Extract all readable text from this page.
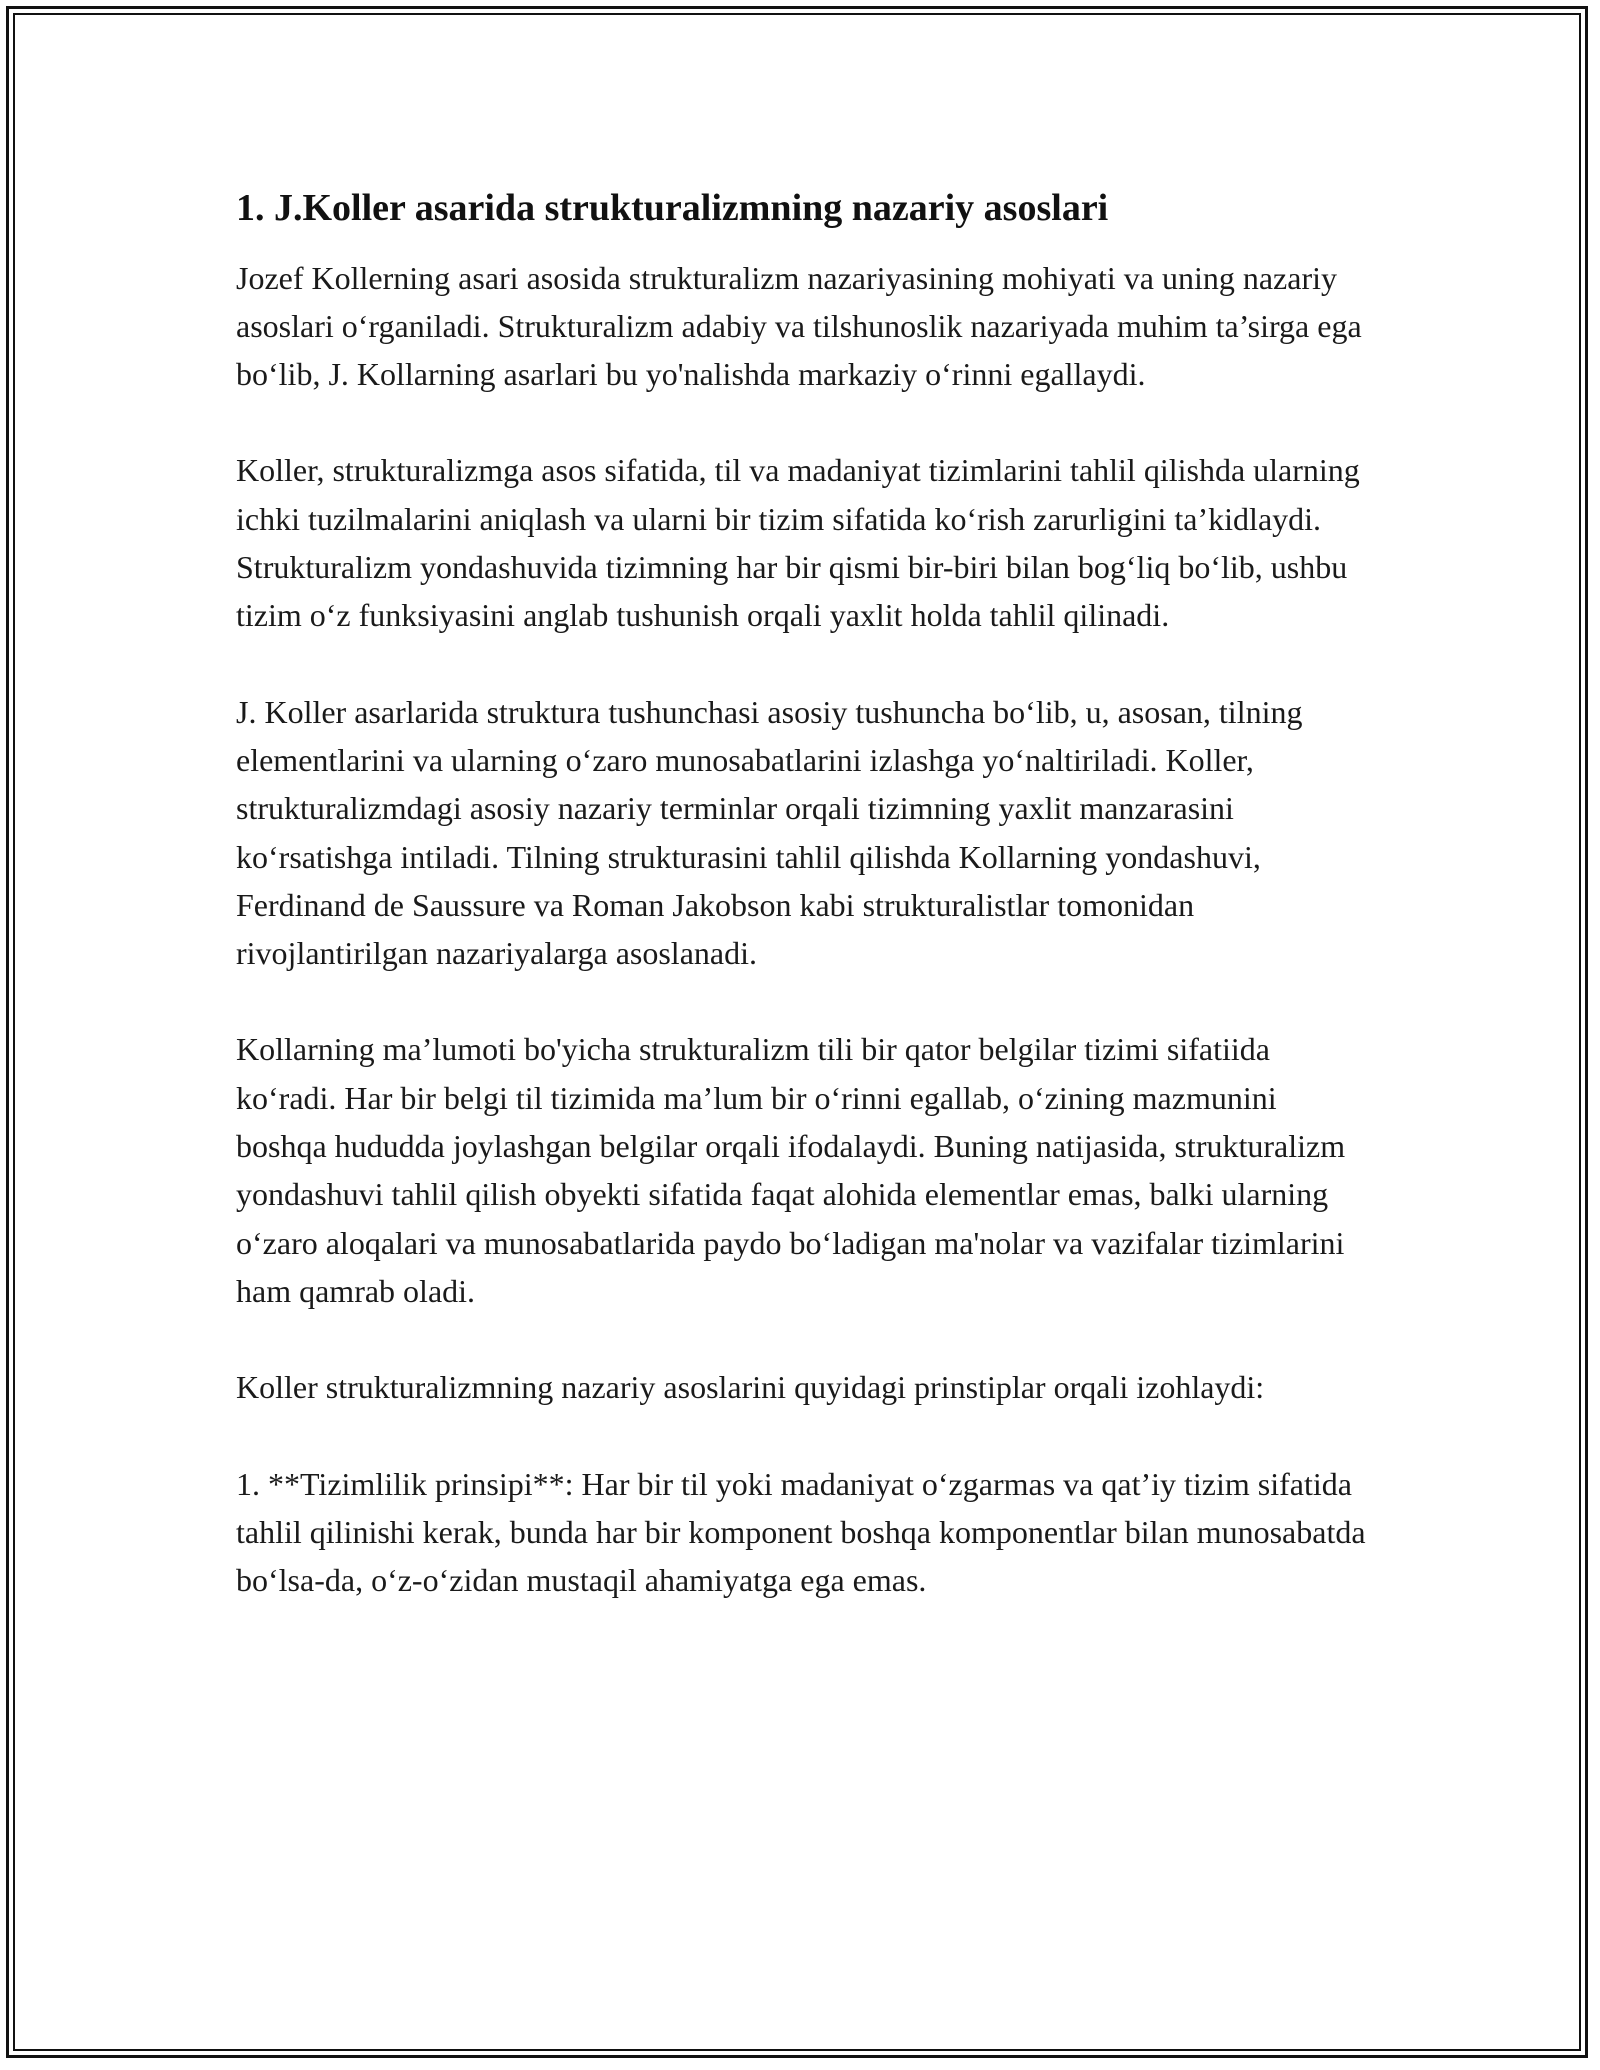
1. J.Koller asarida strukturalizmning nazariy asoslari

Jozef Kollerning asari asosida strukturalizm nazariyasining mohiyati va uning nazariy asoslari o‘rganiladi. Strukturalizm adabiy va tilshunoslik nazariyada muhim ta’sirga ega bo‘lib, J. Kollarning asarlari bu yo'nalishda markaziy o‘rinni egallaydi.

Koller, strukturalizmga asos sifatida, til va madaniyat tizimlarini tahlil qilishda ularning ichki tuzilmalarini aniqlash va ularni bir tizim sifatida ko‘rish zarurligini ta’kidlaydi. Strukturalizm yondashuvida tizimning har bir qismi bir-biri bilan bog‘liq bo‘lib, ushbu tizim o‘z funksiyasini anglab tushunish orqali yaxlit holda tahlil qilinadi.

J. Koller asarlarida struktura tushunchasi asosiy tushuncha bo‘lib, u, asosan, tilning elementlarini va ularning o‘zaro munosabatlarini izlashga yo‘naltiriladi. Koller, strukturalizmdagi asosiy nazariy terminlar orqali tizimning yaxlit manzarasini ko‘rsatishga intiladi. Tilning strukturasini tahlil qilishda Kollarning yondashuvi, Ferdinand de Saussure va Roman Jakobson kabi strukturalistlar tomonidan rivojlantirilgan nazariyalarga asoslanadi.

Kollarning ma’lumoti bo'yicha strukturalizm tili bir qator belgilar tizimi sifatiida ko‘radi. Har bir belgi til tizimida ma’lum bir o‘rinni egallab, o‘zining mazmunini boshqa hududda joylashgan belgilar orqali ifodalaydi. Buning natijasida, strukturalizm yondashuvi tahlil qilish obyekti sifatida faqat alohida elementlar emas, balki ularning o‘zaro aloqalari va munosabatlarida paydo bo‘ladigan ma'nolar va vazifalar tizimlarini ham qamrab oladi.

Koller strukturalizmning nazariy asoslarini quyidagi prinstiplar orqali izohlaydi:

1. **Tizimlilik prinsipi**: Har bir til yoki madaniyat o‘zgarmas va qat’iy tizim sifatida tahlil qilinishi kerak, bunda har bir komponent boshqa komponentlar bilan munosabatda bo‘lsa-da, o‘z-o‘zidan mustaqil ahamiyatga ega emas.
